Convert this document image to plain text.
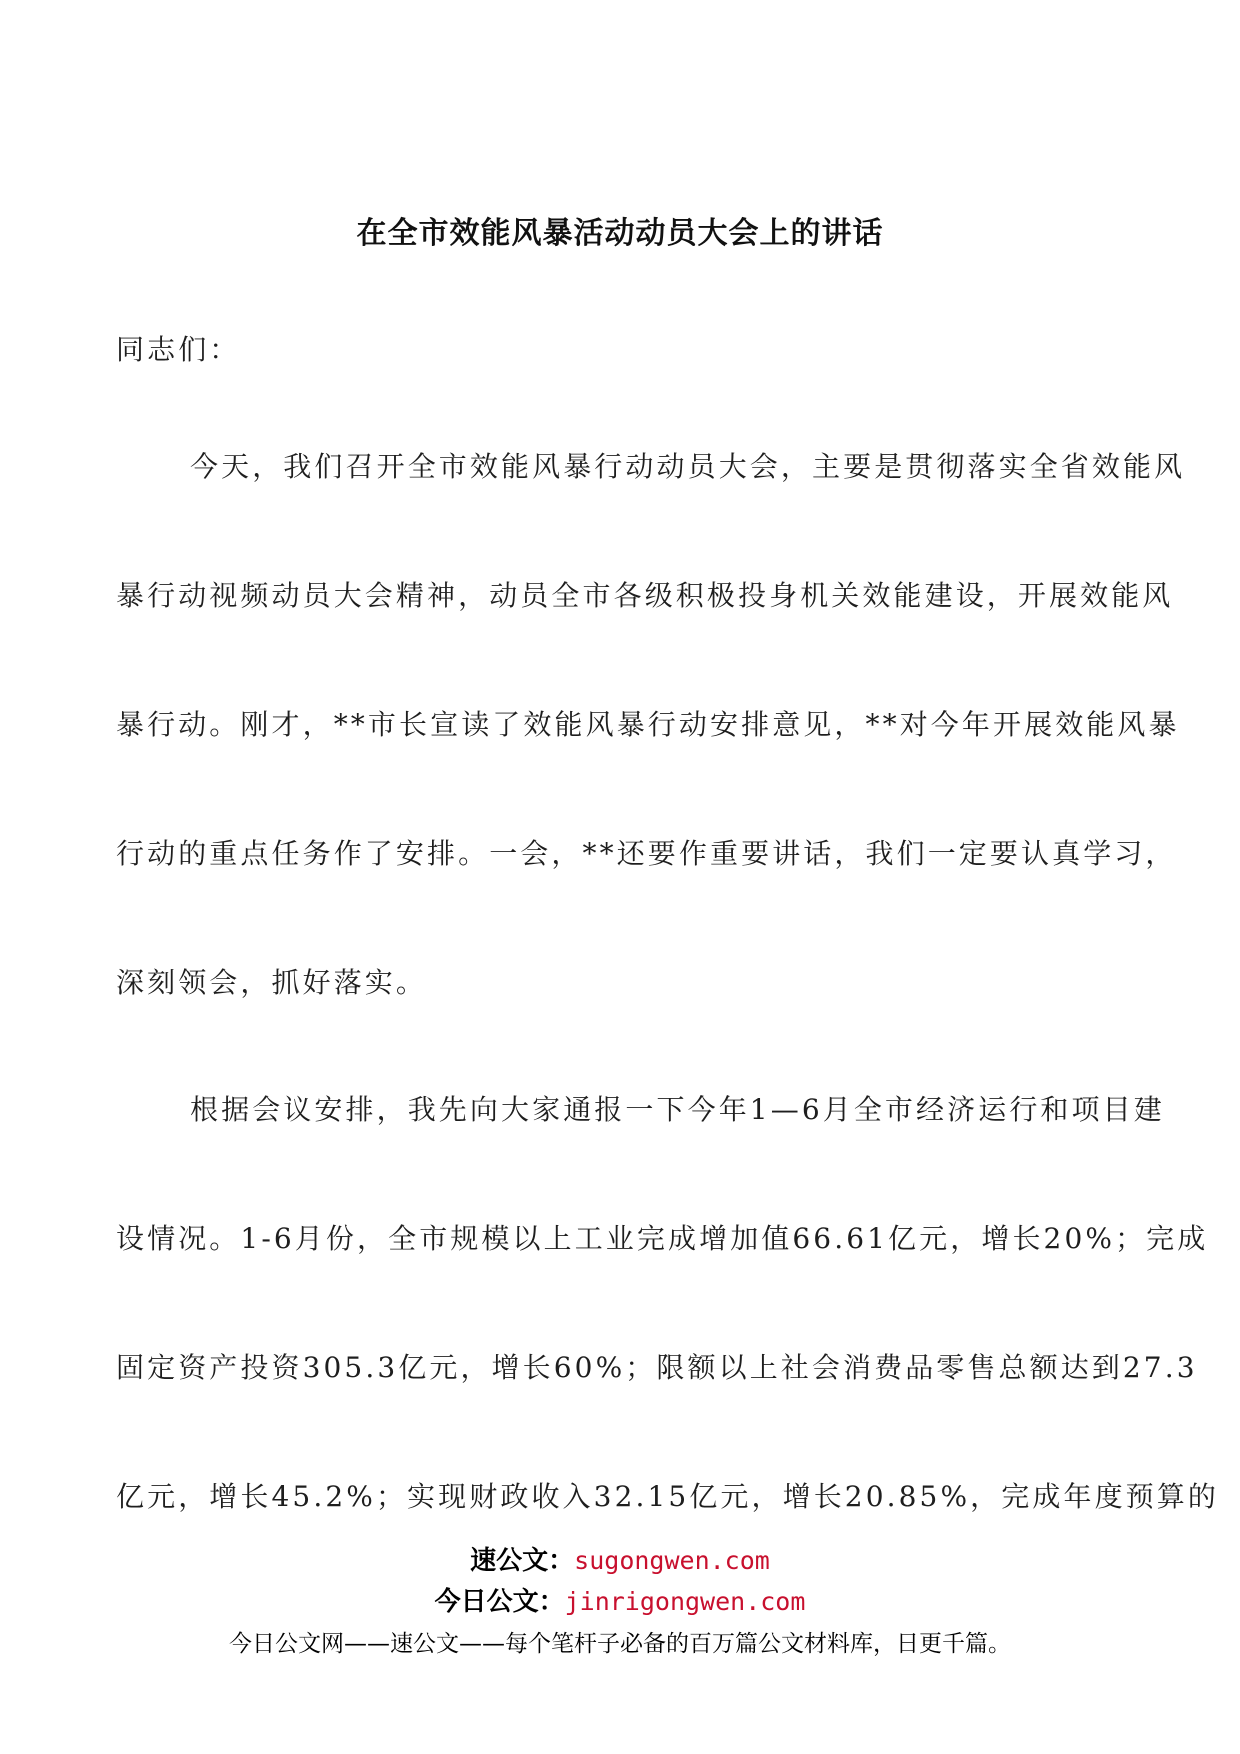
在全市效能风暴活动动员大会上的讲话
同志们：
今天，我们召开全市效能风暴行动动员大会，主要是贯彻落实全省效能风
暴行动视频动员大会精神，动员全市各级积极投身机关效能建设，开展效能风
暴行动。刚才，**市长宣读了效能风暴行动安排意见，**对今年开展效能风暴
行动的重点任务作了安排。一会，**还要作重要讲话，我们一定要认真学习，
深刻领会，抓好落实。
根据会议安排，我先向大家通报一下今年1—6月全市经济运行和项目建
设情况。1-6月份，全市规模以上工业完成增加值66.61亿元，增长20%；完成
固定资产投资305.3亿元，增长60%；限额以上社会消费品零售总额达到27.3
亿元，增长45.2%；实现财政收入32.15亿元，增长20.85%，完成年度预算的
速公文：sugongwen.com
今日公文：jinrigongwen.com
今日公文网——速公文——每个笔杆子必备的百万篇公文材料库，日更千篇。
